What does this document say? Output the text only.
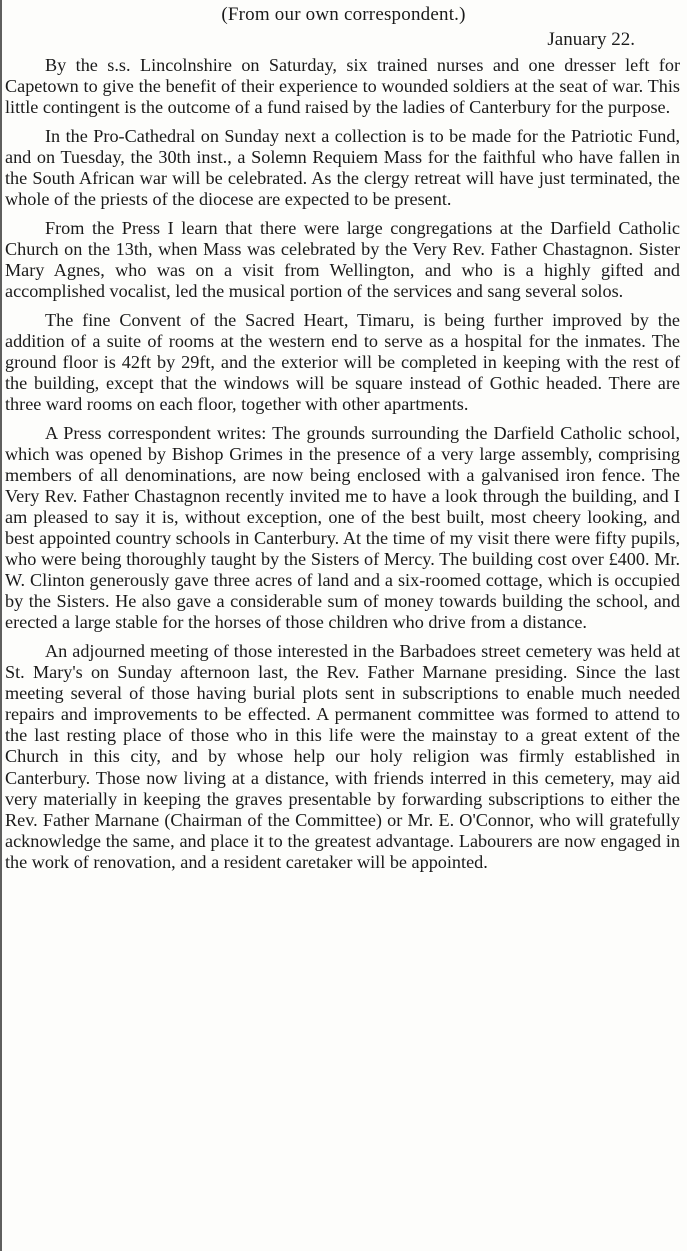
(From our own correspondent.)
January 22.

By the s.s. Lincolnshire on Saturday, six trained nurses and one dresser left for Capetown to give the benefit of their experience to wounded soldiers at the seat of war. This little contingent is the outcome of a fund raised by the ladies of Canterbury for the purpose.

In the Pro-Cathedral on Sunday next a collection is to be made for the Patriotic Fund, and on Tuesday, the 30th inst., a Solemn Requiem Mass for the faithful who have fallen in the South African war will be celebrated. As the clergy retreat will have just terminated, the whole of the priests of the diocese are expected to be present.

From the Press I learn that there were large congregations at the Darfield Catholic Church on the 13th, when Mass was celebrated by the Very Rev. Father Chastagnon. Sister Mary Agnes, who was on a visit from Wellington, and who is a highly gifted and accomplished vocalist, led the musical portion of the services and sang several solos.

The fine Convent of the Sacred Heart, Timaru, is being further improved by the addition of a suite of rooms at the western end to serve as a hospital for the inmates. The ground floor is 42ft by 29ft, and the exterior will be completed in keeping with the rest of the building, except that the windows will be square instead of Gothic headed. There are three ward rooms on each floor, together with other apartments.

A Press correspondent writes: The grounds surrounding the Darfield Catholic school, which was opened by Bishop Grimes in the presence of a very large assembly, comprising members of all denominations, are now being enclosed with a galvanised iron fence. The Very Rev. Father Chastagnon recently invited me to have a look through the building, and I am pleased to say it is, without exception, one of the best built, most cheery looking, and best appointed country schools in Canterbury. At the time of my visit there were fifty pupils, who were being thoroughly taught by the Sisters of Mercy. The building cost over £400. Mr. W. Clinton generously gave three acres of land and a six-roomed cottage, which is occupied by the Sisters. He also gave a considerable sum of money towards building the school, and erected a large stable for the horses of those children who drive from a distance.

An adjourned meeting of those interested in the Barbadoes street cemetery was held at St. Mary's on Sunday afternoon last, the Rev. Father Marnane presiding. Since the last meeting several of those having burial plots sent in subscriptions to enable much needed repairs and improvements to be effected. A permanent committee was formed to attend to the last resting place of those who in this life were the mainstay to a great extent of the Church in this city, and by whose help our holy religion was firmly established in Canterbury. Those now living at a distance, with friends interred in this cemetery, may aid very materially in keeping the graves presentable by forwarding subscriptions to either the Rev. Father Marnane (Chairman of the Committee) or Mr. E. O'Connor, who will gratefully acknowledge the same, and place it to the greatest advantage. Labourers are now engaged in the work of renovation, and a resident caretaker will be appointed.
